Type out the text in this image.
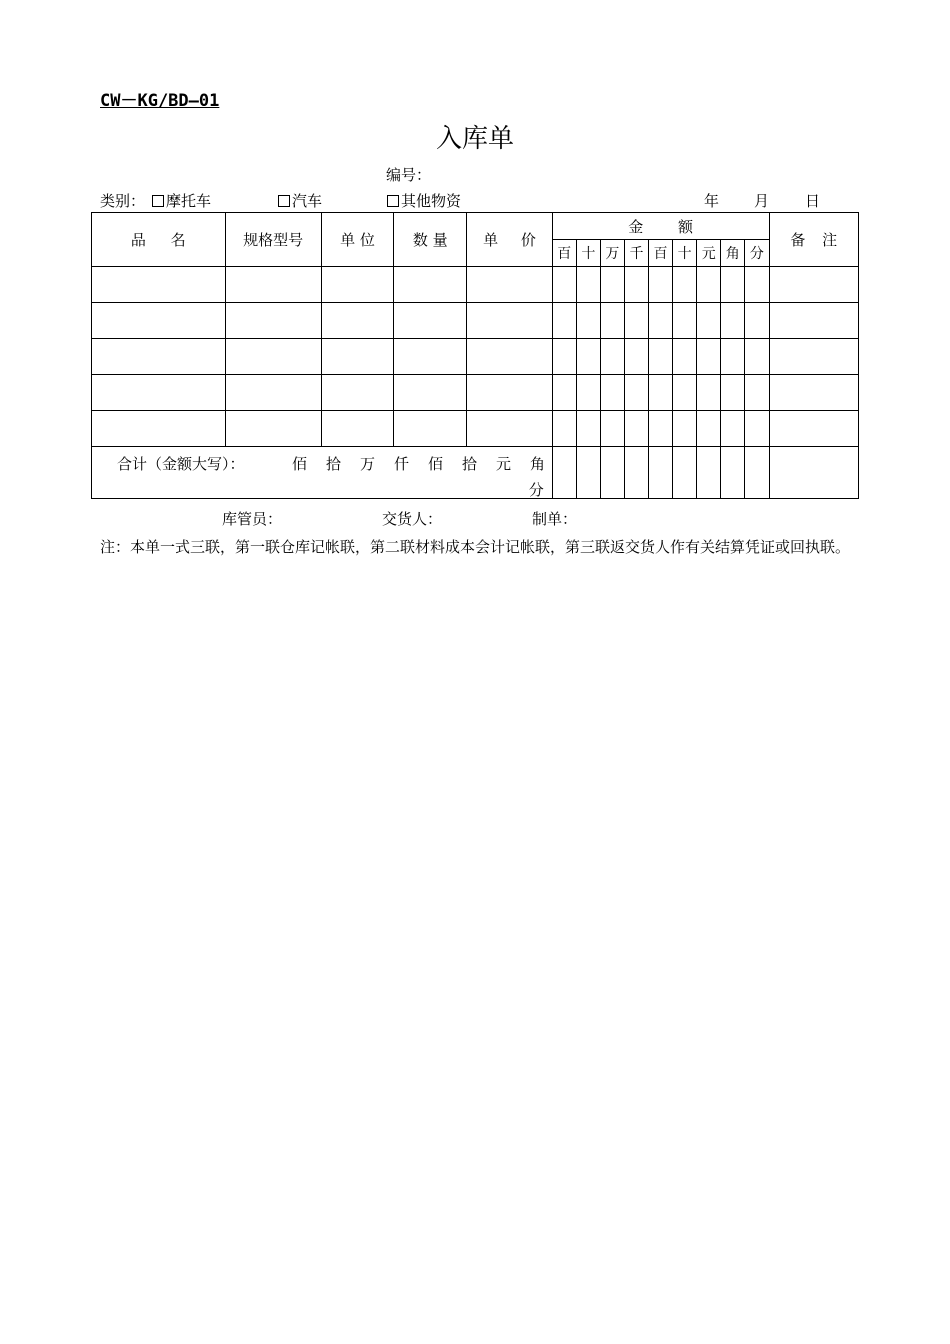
CW－KG/BD—01
入库单
编号：
类别：	摩托车	汽车	其他物资	年 月 日
品 名	规格型号	单 位	数 量	单 价	金 额									备 注
					百	十	万	千	百	十	元	角	分	

合计（金额大写）： 佰 拾 万 仟 佰 拾 元 角
分														

库管员：	交货人：	制单：
注：本单一式三联，第一联仓库记帐联，第二联材料成本会计记帐联，第三联返交货人作有关结算凭证或回执联。
